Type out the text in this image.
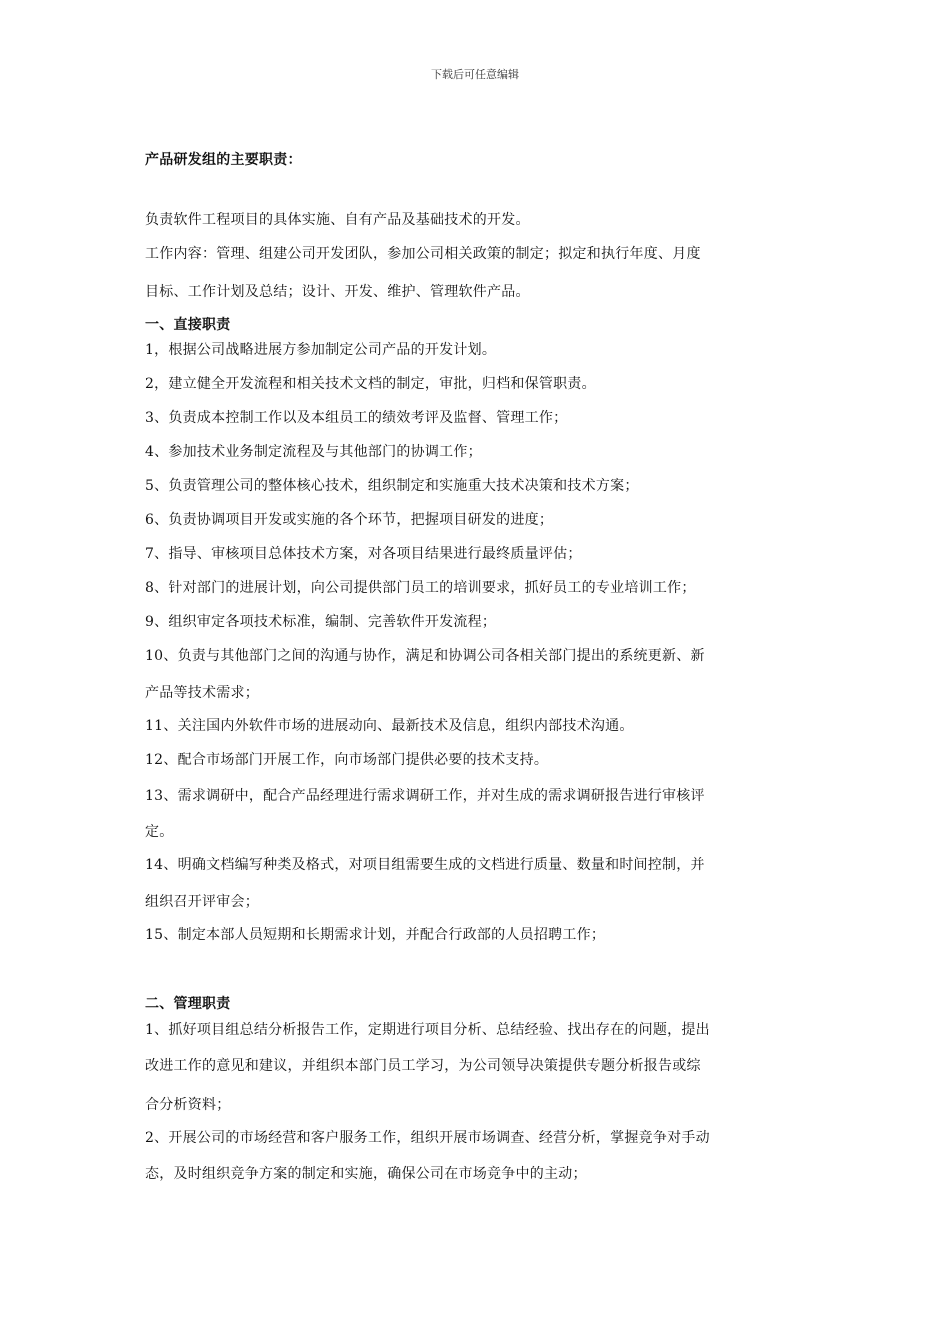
下载后可任意编辑
产品研发组的主要职责：
负责软件工程项目的具体实施、自有产品及基础技术的开发。
工作内容：管理、组建公司开发团队，参加公司相关政策的制定；拟定和执行年度、月度
目标、工作计划及总结；设计、开发、维护、管理软件产品。
一、直接职责
1，根据公司战略进展方参加制定公司产品的开发计划。
2，建立健全开发流程和相关技术文档的制定，审批，归档和保管职责。
3、负责成本控制工作以及本组员工的绩效考评及监督、管理工作；
4、参加技术业务制定流程及与其他部门的协调工作；
5、负责管理公司的整体核心技术，组织制定和实施重大技术决策和技术方案；
6、负责协调项目开发或实施的各个环节，把握项目研发的进度；
7、指导、审核项目总体技术方案，对各项目结果进行最终质量评估；
8、针对部门的进展计划，向公司提供部门员工的培训要求，抓好员工的专业培训工作；
9、组织审定各项技术标准，编制、完善软件开发流程；
10、负责与其他部门之间的沟通与协作，满足和协调公司各相关部门提出的系统更新、新
产品等技术需求；
11、关注国内外软件市场的进展动向、最新技术及信息，组织内部技术沟通。
12、配合市场部门开展工作，向市场部门提供必要的技术支持。
13、需求调研中，配合产品经理进行需求调研工作，并对生成的需求调研报告进行审核评
定。
14、明确文档编写种类及格式，对项目组需要生成的文档进行质量、数量和时间控制，并
组织召开评审会；
15、制定本部人员短期和长期需求计划，并配合行政部的人员招聘工作；
二、管理职责
1、抓好项目组总结分析报告工作，定期进行项目分析、总结经验、找出存在的问题，提出
改进工作的意见和建议，并组织本部门员工学习，为公司领导决策提供专题分析报告或综
合分析资料；
2、开展公司的市场经营和客户服务工作，组织开展市场调查、经营分析，掌握竞争对手动
态，及时组织竞争方案的制定和实施，确保公司在市场竞争中的主动；
